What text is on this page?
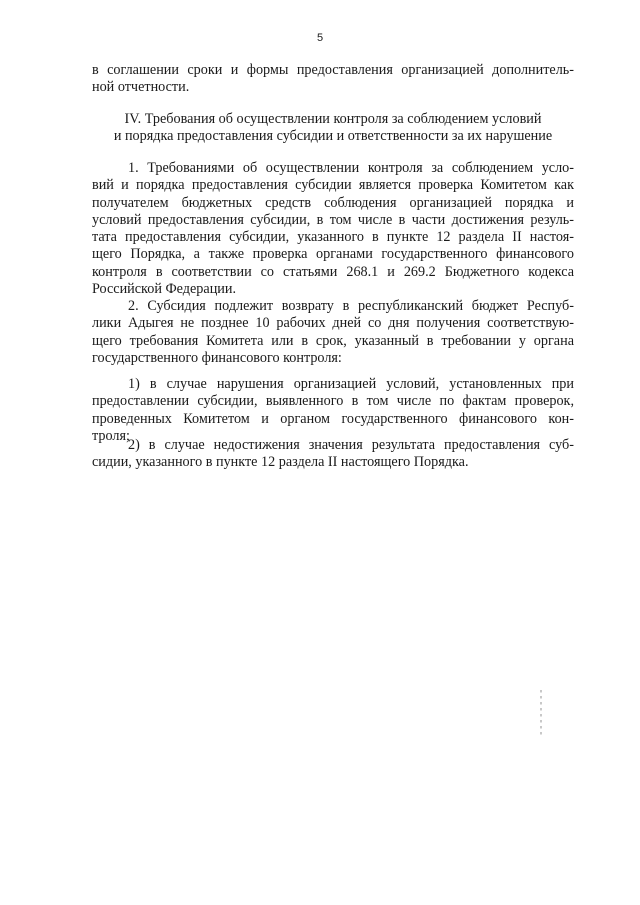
5
в соглашении сроки и формы предоставления организацией дополнитель-
ной отчетности.
IV. Требования об осуществлении контроля за соблюдением условий
и порядка предоставления субсидии и ответственности за их нарушение
1. Требованиями об осуществлении контроля за соблюдением усло-
вий и порядка предоставления субсидии является проверка Комитетом как
получателем бюджетных средств соблюдения организацией порядка и
условий предоставления субсидии, в том числе в части достижения резуль-
тата предоставления субсидии, указанного в пункте 12 раздела II настоя-
щего Порядка, а также проверка органами государственного финансового
контроля в соответствии со статьями 268.1 и 269.2 Бюджетного кодекса
Российской Федерации.
2. Субсидия подлежит возврату в республиканский бюджет Респуб-
лики Адыгея не позднее 10 рабочих дней со дня получения соответствую-
щего требования Комитета или в срок, указанный в требовании у органа
государственного финансового контроля:
1) в случае нарушения организацией условий, установленных при
предоставлении субсидии, выявленного в том числе по фактам проверок,
проведенных Комитетом и органом государственного финансового кон-
троля;
2) в случае недостижения значения результата предоставления суб-
сидии, указанного в пункте 12 раздела II настоящего Порядка.
